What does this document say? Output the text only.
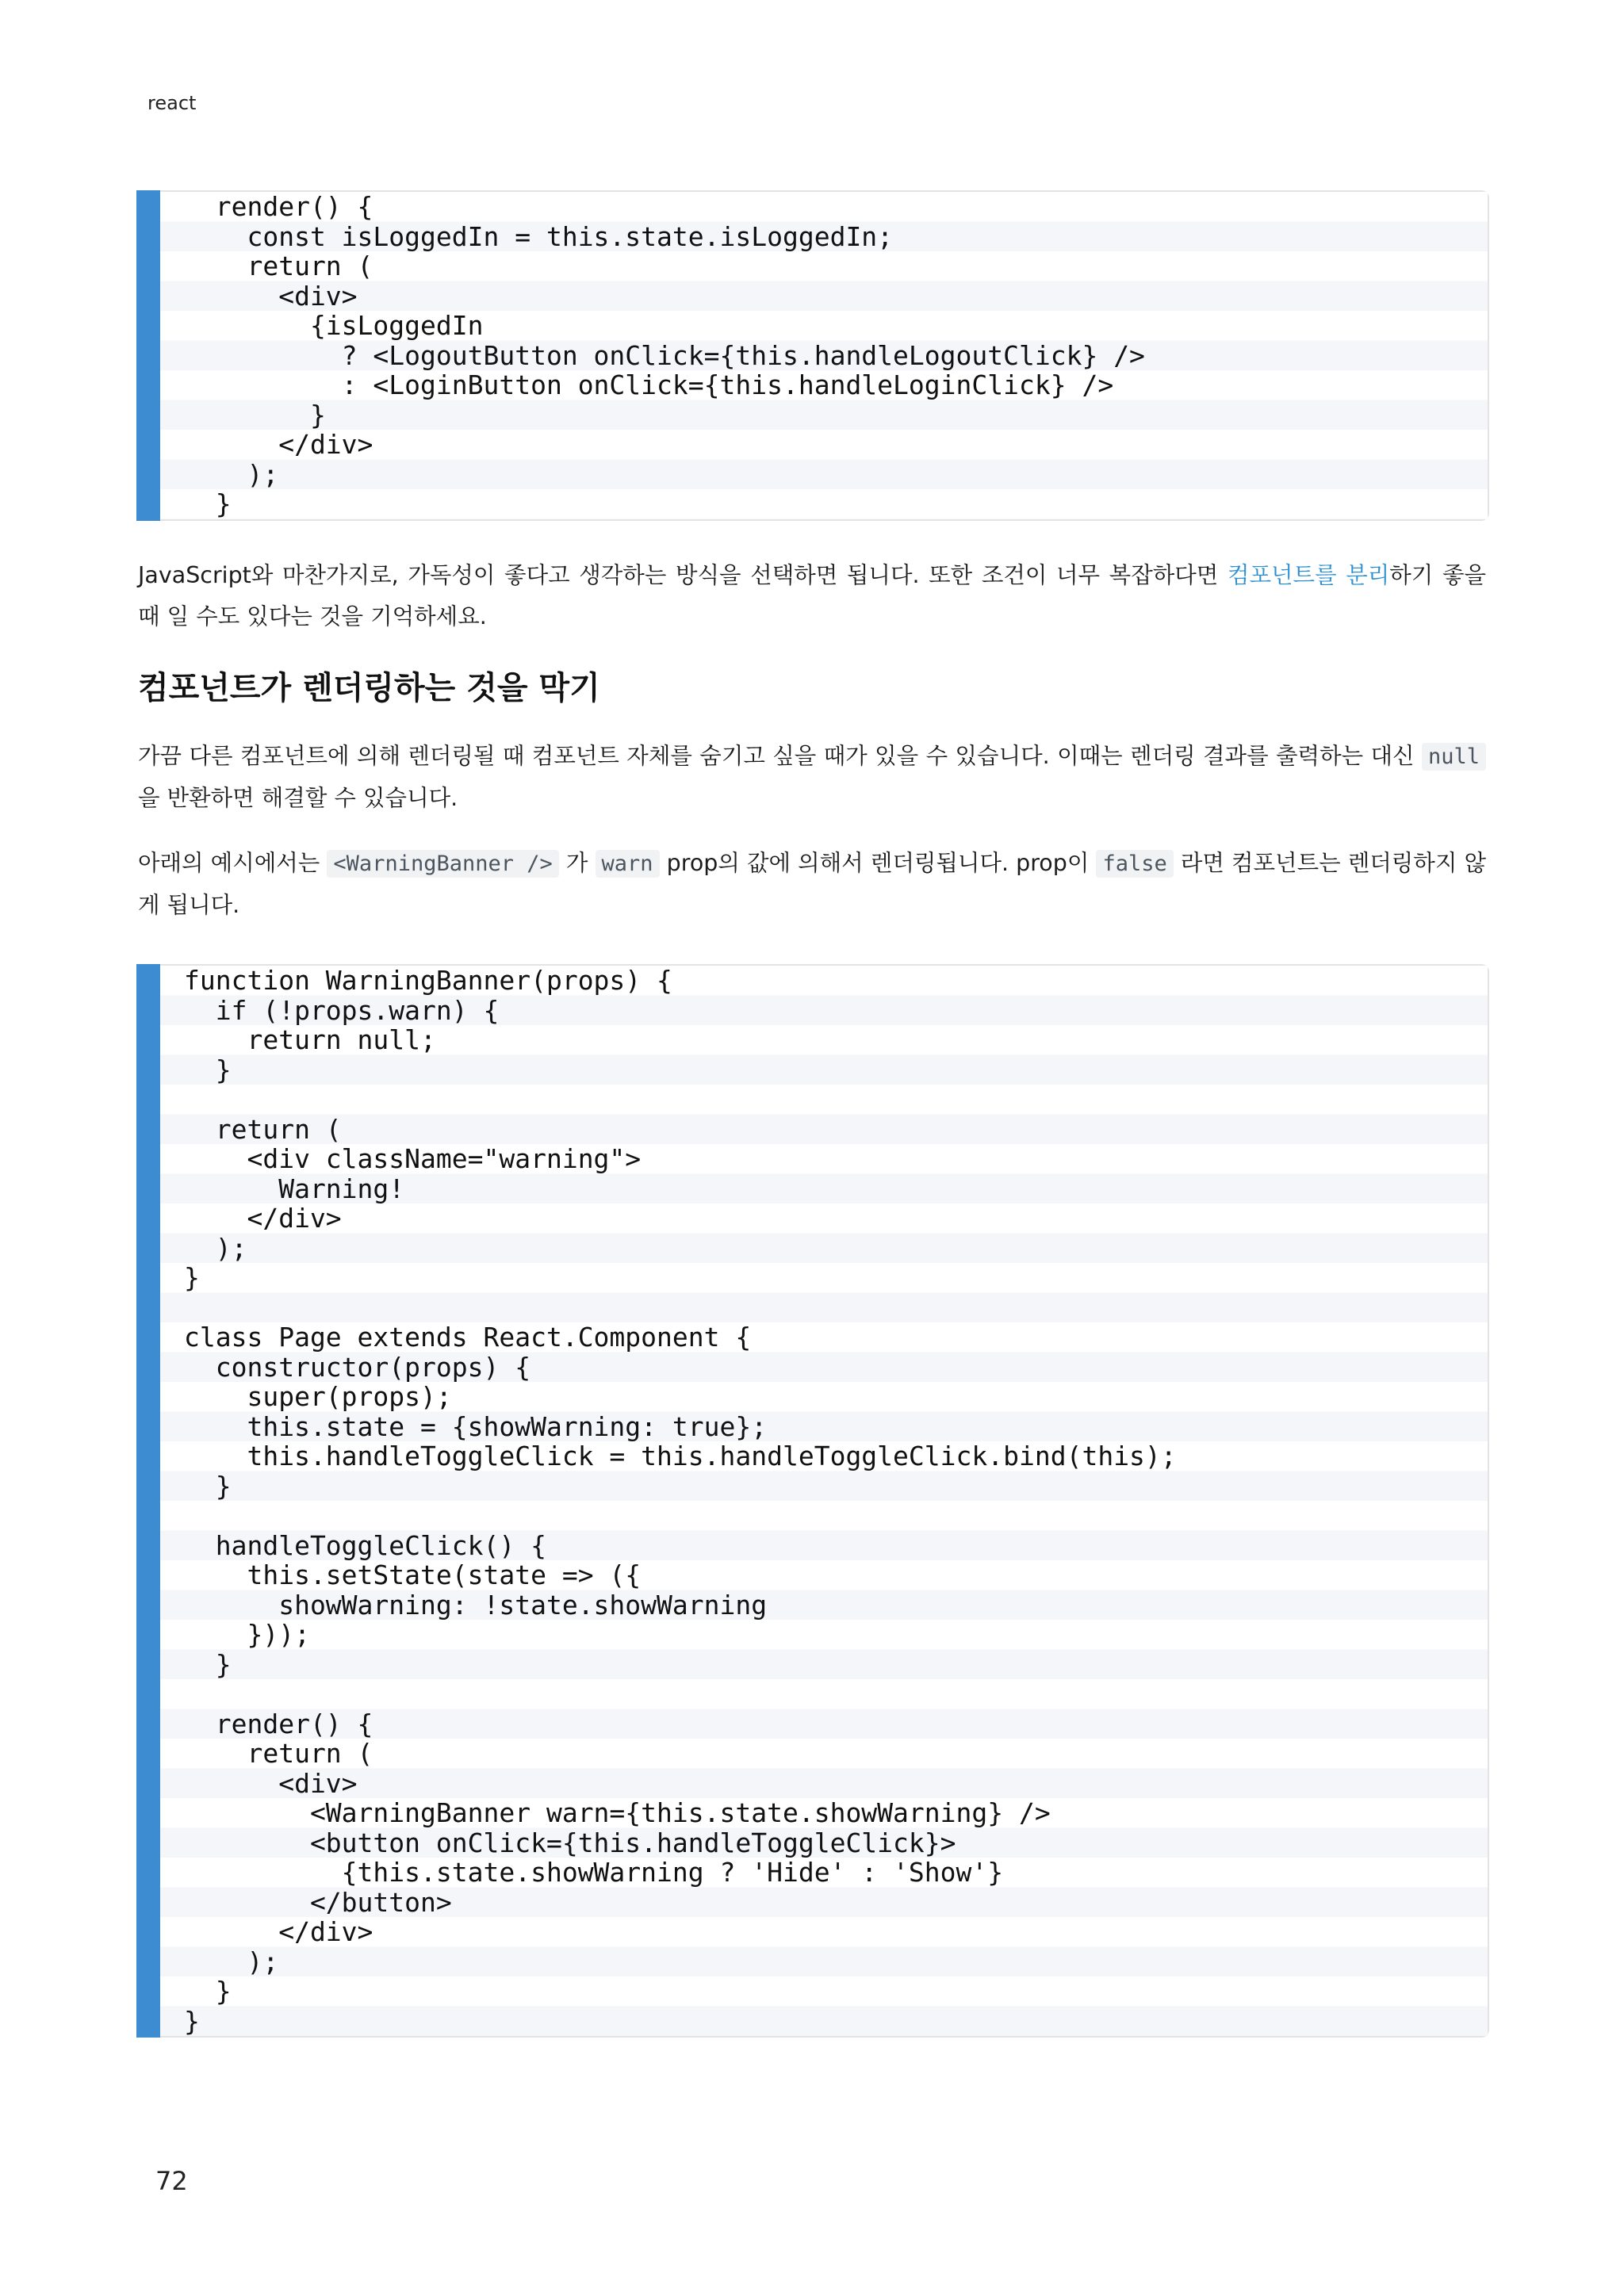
react
render() {
const isLoggedIn = this.state.isLoggedIn;
return (
<div>
{isLoggedIn
? <LogoutButton onClick={this.handleLogoutClick} />
: <LoginButton onClick={this.handleLoginClick} />
}
</div>
);
}

JavaScript와 마찬가지로, 가독성이 좋다고 생각하는 방식을 선택하면 됩니다. 또한 조건이 너무 복잡하다면 컴포넌트를 분리하기 좋을 때 일 수도 있다는 것을 기억하세요.

컴포넌트가 렌더링하는 것을 막기

가끔 다른 컴포넌트에 의해 렌더링될 때 컴포넌트 자체를 숨기고 싶을 때가 있을 수 있습니다. 이때는 렌더링 결과를 출력하는 대신 null 을 반환하면 해결할 수 있습니다.

아래의 예시에서는 <WarningBanner /> 가 warn prop의 값에 의해서 렌더링됩니다. prop이 false 라면 컴포넌트는 렌더링하지 않게 됩니다.

function WarningBanner(props) {
if (!props.warn) {
return null;
}

return (
<div className="warning">
Warning!
</div>
);
}

class Page extends React.Component {
constructor(props) {
super(props);
this.state = {showWarning: true};
this.handleToggleClick = this.handleToggleClick.bind(this);
}

handleToggleClick() {
this.setState(state => ({
showWarning: !state.showWarning
}));
}

render() {
return (
<div>
<WarningBanner warn={this.state.showWarning} />
<button onClick={this.handleToggleClick}>
{this.state.showWarning ? 'Hide' : 'Show'}
</button>
</div>
);
}
}
72
